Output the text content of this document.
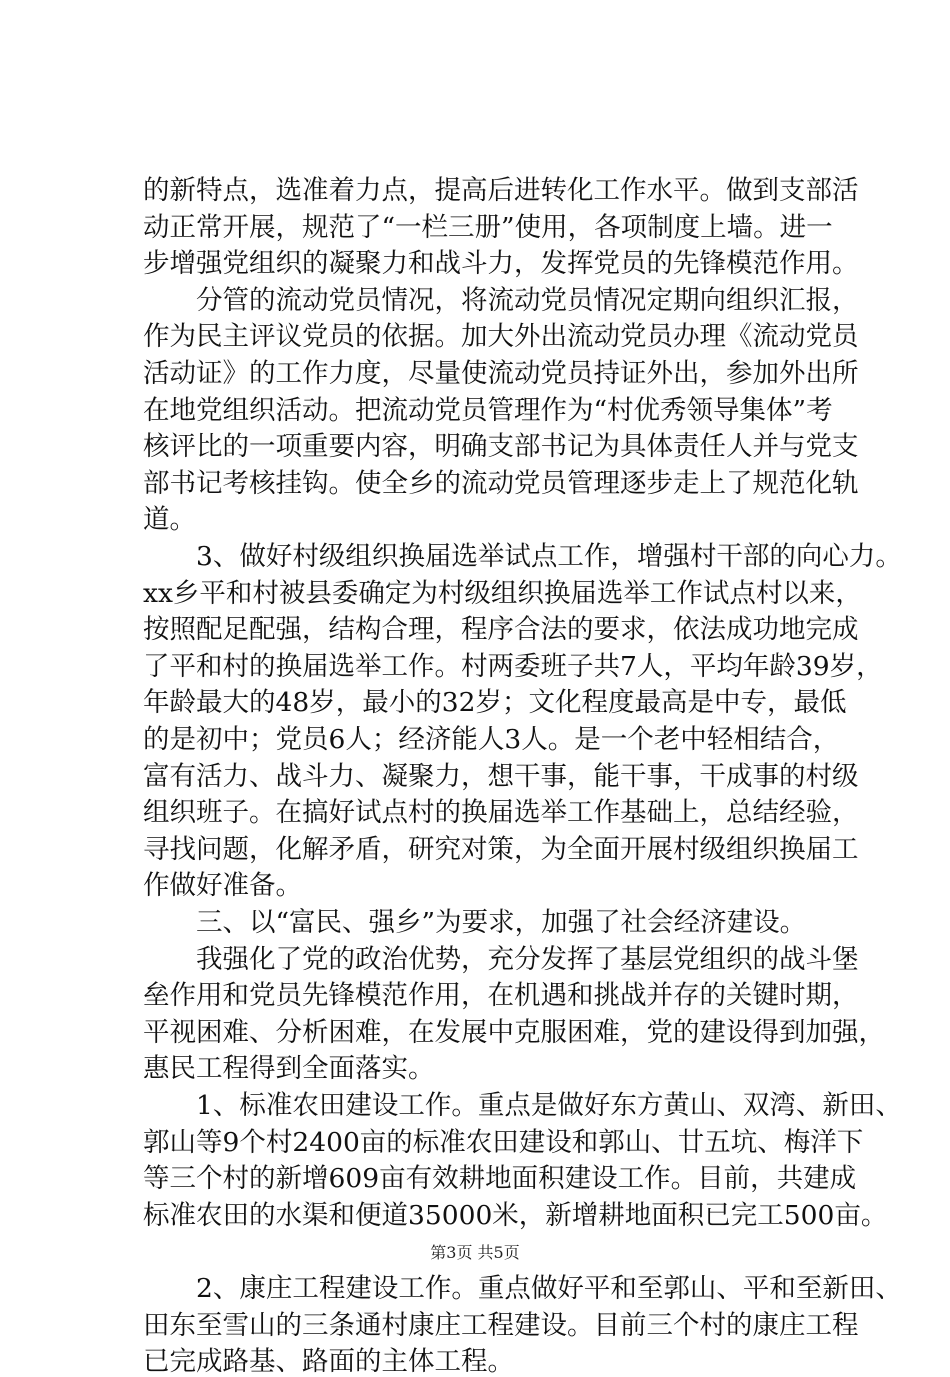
的新特点，选准着力点，提高后进转化工作水平。做到支部活
动正常开展，规范了“一栏三册”使用，各项制度上墙。进一
步增强党组织的凝聚力和战斗力，发挥党员的先锋模范作用。
　　分管的流动党员情况，将流动党员情况定期向组织汇报，
作为民主评议党员的依据。加大外出流动党员办理《流动党员
活动证》的工作力度，尽量使流动党员持证外出，参加外出所
在地党组织活动。把流动党员管理作为“村优秀领导集体”考
核评比的一项重要内容，明确支部书记为具体责任人并与党支
部书记考核挂钩。使全乡的流动党员管理逐步走上了规范化轨
道。
　　3、做好村级组织换届选举试点工作，增强村干部的向心力。
xx乡平和村被县委确定为村级组织换届选举工作试点村以来，
按照配足配强，结构合理，程序合法的要求，依法成功地完成
了平和村的换届选举工作。村两委班子共7人，平均年龄39岁，
年龄最大的48岁，最小的32岁；文化程度最高是中专，最低
的是初中；党员6人；经济能人3人。是一个老中轻相结合，
富有活力、战斗力、凝聚力，想干事，能干事，干成事的村级
组织班子。在搞好试点村的换届选举工作基础上，总结经验，
寻找问题，化解矛盾，研究对策，为全面开展村级组织换届工
作做好准备。
　　三、以“富民、强乡”为要求，加强了社会经济建设。
　　我强化了党的政治优势，充分发挥了基层党组织的战斗堡
垒作用和党员先锋模范作用，在机遇和挑战并存的关键时期，
平视困难、分析困难，在发展中克服困难，党的建设得到加强，
惠民工程得到全面落实。
　　1、标准农田建设工作。重点是做好东方黄山、双湾、新田、
郭山等9个村2400亩的标准农田建设和郭山、廿五坑、梅洋下
等三个村的新增609亩有效耕地面积建设工作。目前，共建成
标准农田的水渠和便道35000米，新增耕地面积已完工500亩。
　　2、康庄工程建设工作。重点做好平和至郭山、平和至新田、
田东至雪山的三条通村康庄工程建设。目前三个村的康庄工程
已完成路基、路面的主体工程。
第3页 共5页
